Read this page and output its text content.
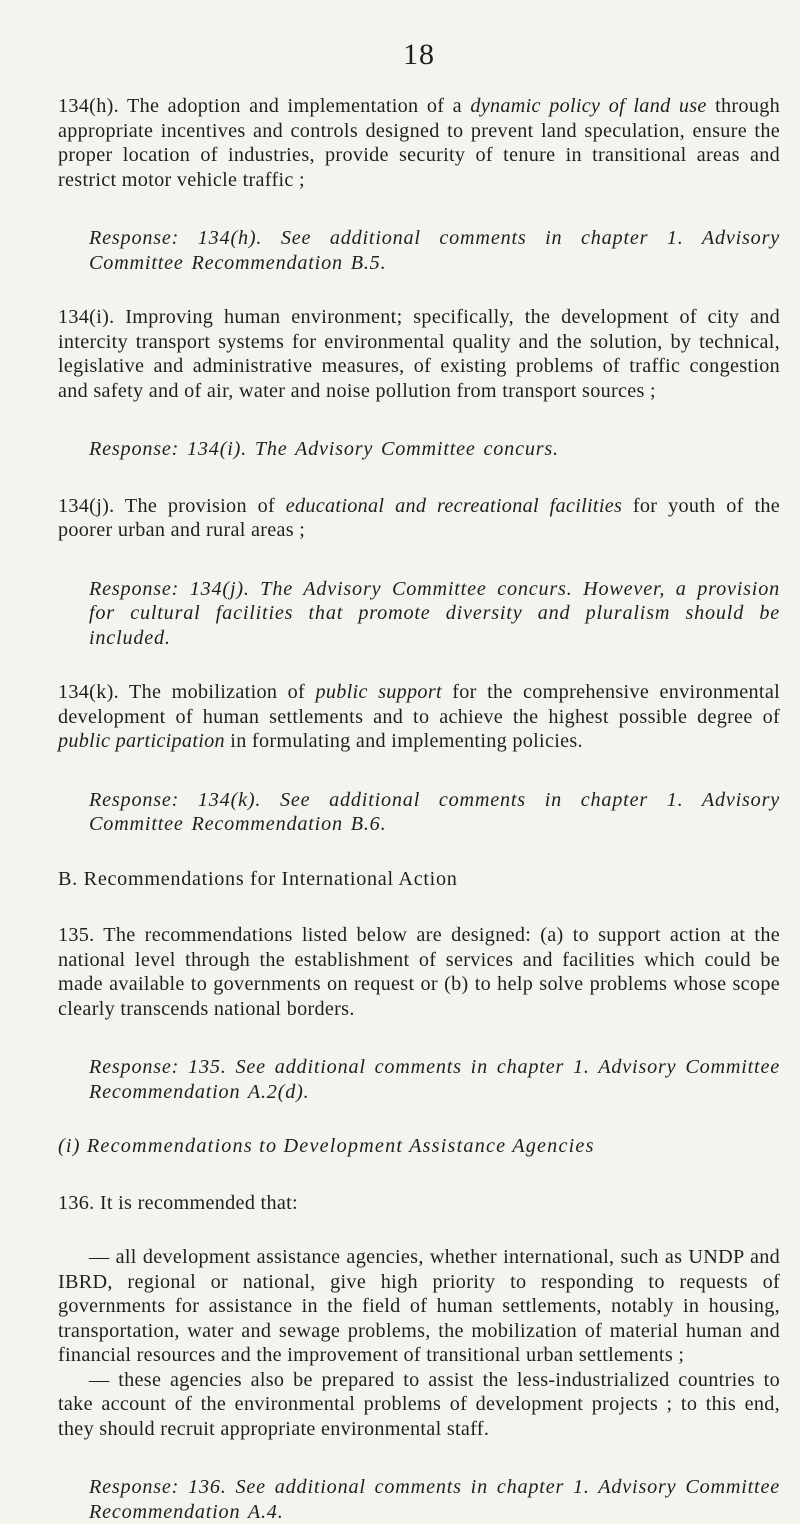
18

134(h). The adoption and implementation of a dynamic policy of land use through appropriate incentives and controls designed to prevent land speculation, ensure the proper location of industries, provide security of tenure in transitional areas and restrict motor vehicle traffic ;

Response: 134(h). See additional comments in chapter 1. Advisory Committee Recommendation B.5.

134(i). Improving human environment; specifically, the development of city and intercity transport systems for environmental quality and the solution, by technical, legislative and administrative measures, of existing problems of traffic congestion and safety and of air, water and noise pollution from transport sources ;

Response: 134(i). The Advisory Committee concurs.

134(j). The provision of educational and recreational facilities for youth of the poorer urban and rural areas ;

Response: 134(j). The Advisory Committee concurs. However, a provision for cultural facilities that promote diversity and pluralism should be included.

134(k). The mobilization of public support for the comprehensive environmental development of human settlements and to achieve the highest possible degree of public participation in formulating and implementing policies.

Response: 134(k). See additional comments in chapter 1. Advisory Committee Recommendation B.6.

B. Recommendations for International Action

135. The recommendations listed below are designed: (a) to support action at the national level through the establishment of services and facilities which could be made available to governments on request or (b) to help solve problems whose scope clearly transcends national borders.

Response: 135. See additional comments in chapter 1. Advisory Committee Recommendation A.2(d).

(i) Recommendations to Development Assistance Agencies

136. It is recommended that:

— all development assistance agencies, whether international, such as UNDP and IBRD, regional or national, give high priority to responding to requests of governments for assistance in the field of human settlements, notably in housing, transportation, water and sewage problems, the mobilization of material human and financial resources and the improvement of transitional urban settlements ;

— these agencies also be prepared to assist the less-industrialized countries to take account of the environmental problems of development projects ; to this end, they should recruit appropriate environmental staff.

Response: 136. See additional comments in chapter 1. Advisory Committee Recommendation A.4.
